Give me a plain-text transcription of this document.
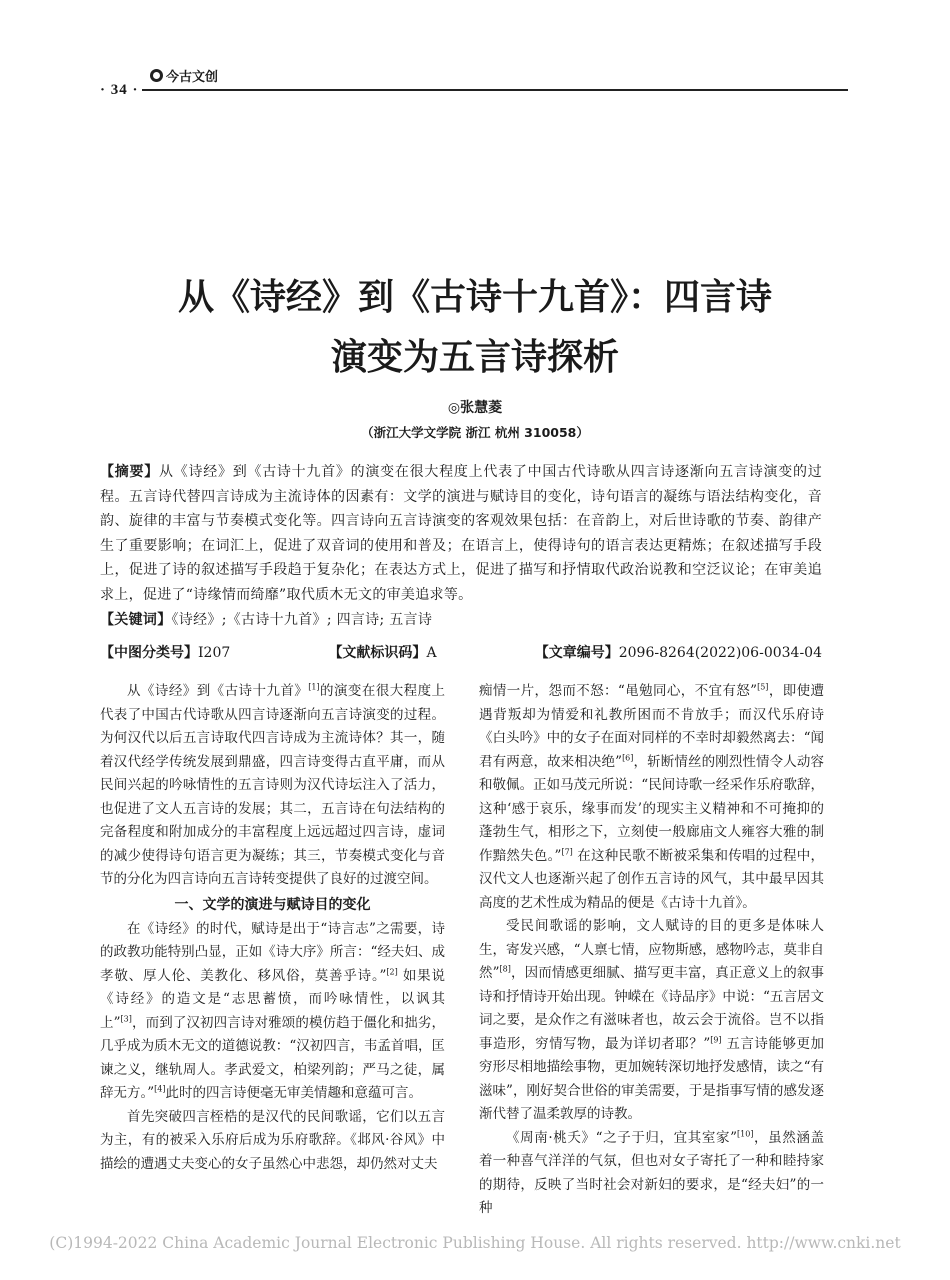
· 34 ·
今古文创
从《诗经》到《古诗十九首》：四言诗
演变为五言诗探析
◎张慧菱
（浙江大学文学院 浙江 杭州 310058）
【摘要】从《诗经》到《古诗十九首》的演变在很大程度上代表了中国古代诗歌从四言诗逐渐向五言诗演变的过程。五言诗代替四言诗成为主流诗体的因素有：文学的演进与赋诗目的变化，诗句语言的凝练与语法结构变化，音韵、旋律的丰富与节奏模式变化等。四言诗向五言诗演变的客观效果包括：在音韵上，对后世诗歌的节奏、韵律产生了重要影响；在词汇上，促进了双音词的使用和普及；在语言上，使得诗句的语言表达更精炼；在叙述描写手段上，促进了诗的叙述描写手段趋于复杂化；在表达方式上，促进了描写和抒情取代政治说教和空泛议论；在审美追求上，促进了“诗缘情而绮靡”取代质木无文的审美追求等。
【关键词】《诗经》;《古诗十九首》; 四言诗; 五言诗
【中图分类号】I207	【文献标识码】A	【文章编号】2096-8264(2022)06-0034-04

从《诗经》到《古诗十九首》[1]的演变在很大程度上代表了中国古代诗歌从四言诗逐渐向五言诗演变的过程。为何汉代以后五言诗取代四言诗成为主流诗体？其一，随着汉代经学传统发展到鼎盛，四言诗变得古直平庸，而从民间兴起的吟咏情性的五言诗则为汉代诗坛注入了活力，也促进了文人五言诗的发展；其二，五言诗在句法结构的完备程度和附加成分的丰富程度上远远超过四言诗，虚词的减少使得诗句语言更为凝练；其三，节奏模式变化与音节的分化为四言诗向五言诗转变提供了良好的过渡空间。

一、文学的演进与赋诗目的变化

在《诗经》的时代，赋诗是出于“诗言志”之需要，诗的政教功能特别凸显，正如《诗大序》所言：“经夫妇、成孝敬、厚人伦、美教化、移风俗，莫善乎诗。”[2] 如果说《诗经》的造文是“志思蓄愤，而吟咏情性，以讽其上”[3]，而到了汉初四言诗对雅颂的模仿趋于僵化和拙劣，几乎成为质木无文的道德说教：“汉初四言，韦孟首唱，匡谏之义，继轨周人。孝武爱文，柏梁列韵；严马之徒，属辞无方。”[4]此时的四言诗便毫无审美情趣和意蕴可言。

首先突破四言桎梏的是汉代的民间歌谣，它们以五言为主，有的被采入乐府后成为乐府歌辞。《邶风·谷风》中描绘的遭遇丈夫变心的女子虽然心中悲怨，却仍然对丈夫

痴情一片，怨而不怒：“黾勉同心，不宜有怒”[5]，即使遭遇背叛却为情爱和礼教所困而不肯放手；而汉代乐府诗《白头吟》中的女子在面对同样的不幸时却毅然离去：“闻君有两意，故来相决绝”[6]，斩断情丝的刚烈性情令人动容和敬佩。正如马茂元所说：“民间诗歌一经采作乐府歌辞，这种‘感于哀乐，缘事而发’的现实主义精神和不可掩抑的蓬勃生气，相形之下，立刻使一般廊庙文人雍容大雅的制作黯然失色。”[7] 在这种民歌不断被采集和传唱的过程中，汉代文人也逐渐兴起了创作五言诗的风气，其中最早因其高度的艺术性成为精品的便是《古诗十九首》。

受民间歌谣的影响，文人赋诗的目的更多是体味人生，寄发兴感，“人禀七情，应物斯感，感物吟志，莫非自然”[8]，因而情感更细腻、描写更丰富，真正意义上的叙事诗和抒情诗开始出现。钟嵘在《诗品序》中说：“五言居文词之要，是众作之有滋味者也，故云会于流俗。岂不以指事造形，穷情写物，最为详切者耶？”[9] 五言诗能够更加穷形尽相地描绘事物，更加婉转深切地抒发感情，读之“有滋味”，刚好契合世俗的审美需要，于是指事写情的感发逐渐代替了温柔敦厚的诗教。

《周南·桃夭》“之子于归，宜其室家”[10]，虽然涵盖着一种喜气洋洋的气氛，但也对女子寄托了一种和睦持家的期待，反映了当时社会对新妇的要求，是“经夫妇”的一种

(C)1994-2022 China Academic Journal Electronic Publishing House. All rights reserved. http://www.cnki.net
